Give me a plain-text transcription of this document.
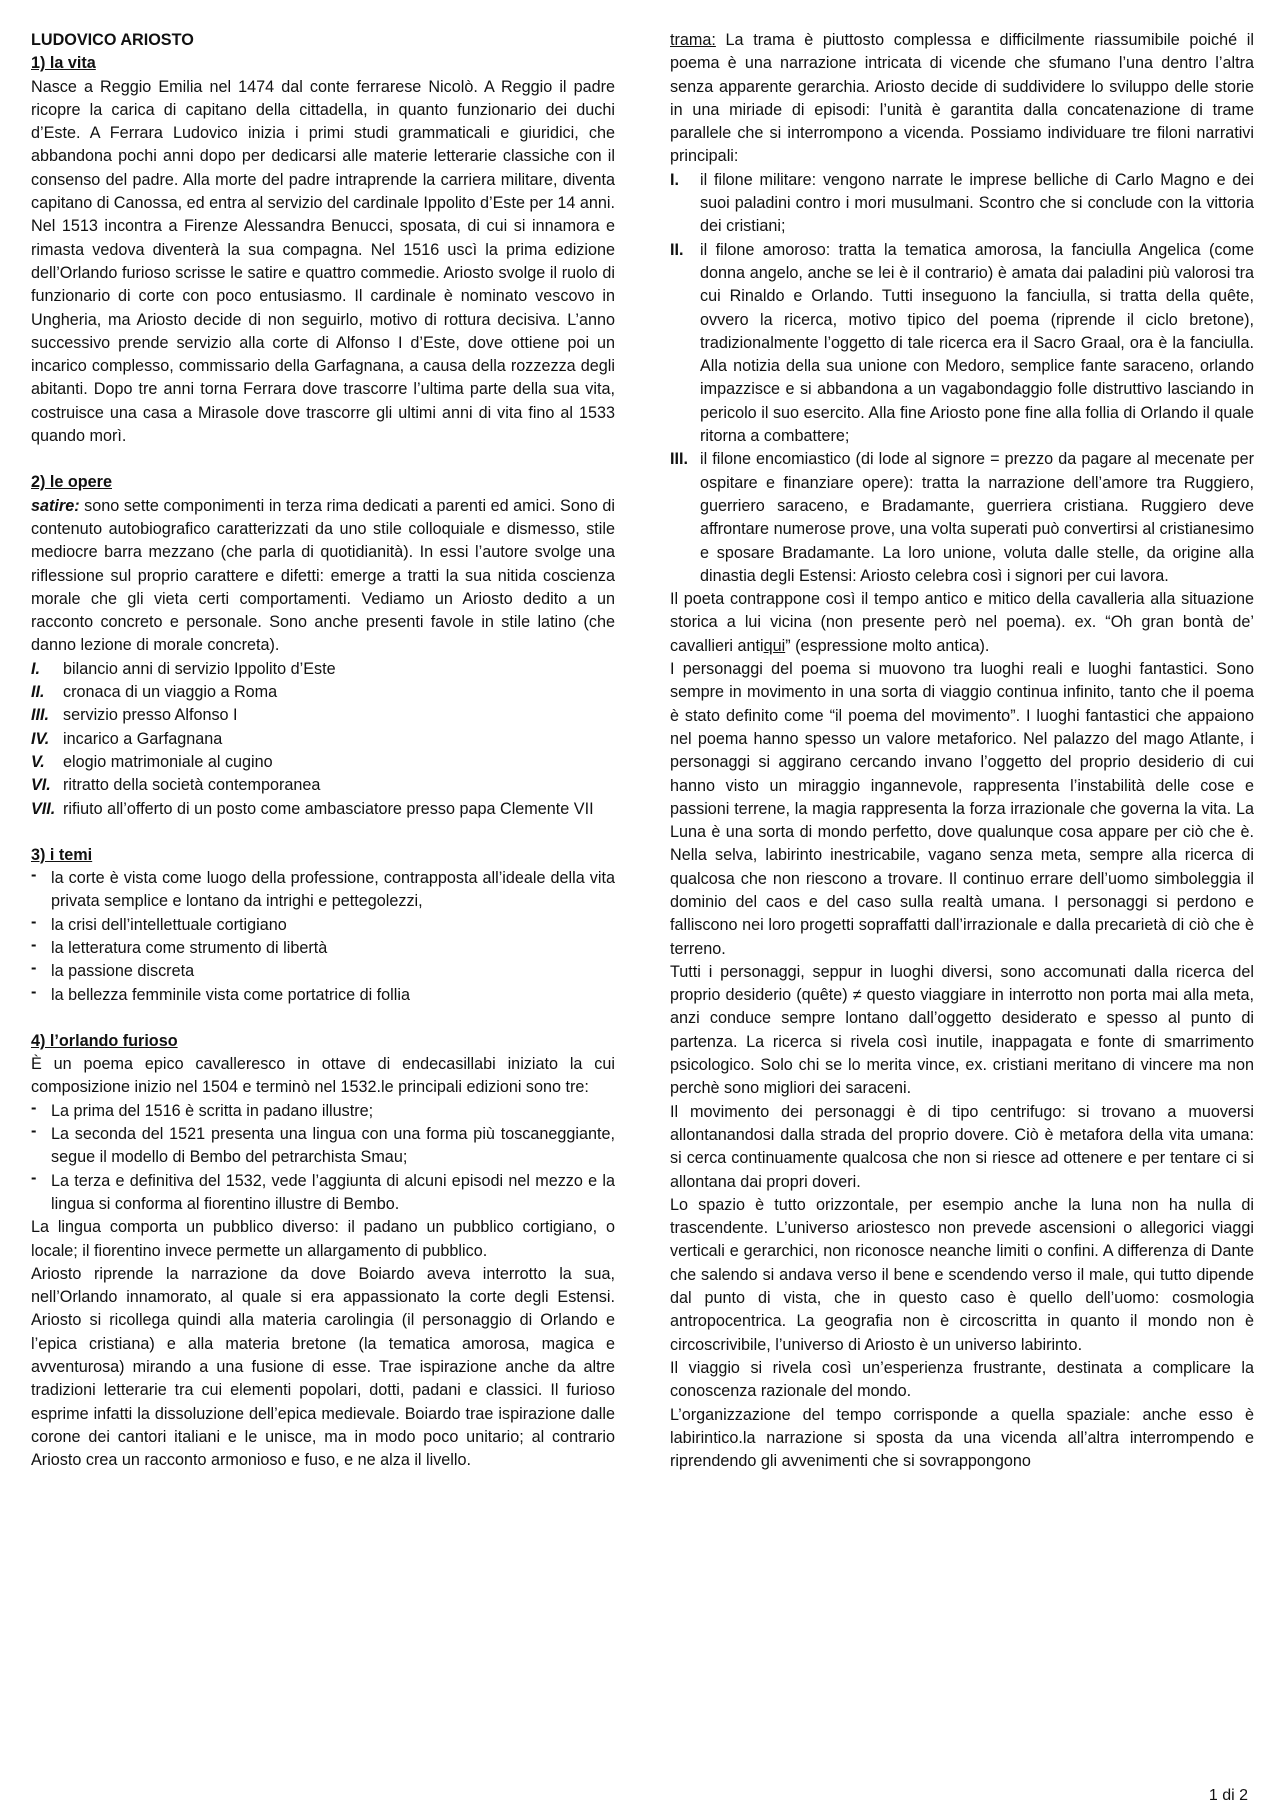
LUDOVICO ARIOSTO

1) la vita

Nasce a Reggio Emilia nel 1474 dal conte ferrarese Nicolò. A Reggio il padre ricopre la carica di capitano della cittadella, in quanto funzionario dei duchi d’Este. A Ferrara Ludovico inizia i primi studi grammaticali e giuridici, che abbandona pochi anni dopo per dedicarsi alle materie letterarie classiche con il consenso del padre. Alla morte del padre intraprende la carriera militare, diventa capitano di Canossa, ed entra al servizio del cardinale Ippolito d’Este per 14 anni. Nel 1513 incontra a Firenze Alessandra Benucci, sposata, di cui si innamora e rimasta vedova diventerà la sua compagna. Nel 1516 uscì la prima edizione dell’Orlando furioso scrisse le satire e quattro commedie. Ariosto svolge il ruolo di funzionario di corte con poco entusiasmo. Il cardinale è nominato vescovo in Ungheria, ma Ariosto decide di non seguirlo, motivo di rottura decisiva. L’anno successivo prende servizio alla corte di Alfonso I d’Este, dove ottiene poi un incarico complesso, commissario della Garfagnana, a causa della rozzezza degli abitanti. Dopo tre anni torna Ferrara dove trascorre l’ultima parte della sua vita, costruisce una casa a Mirasole dove trascorre gli ultimi anni di vita fino al 1533 quando morì.

2) le opere

satire: sono sette componimenti in terza rima dedicati a parenti ed amici. Sono di contenuto autobiografico caratterizzati da uno stile colloquiale e dismesso, stile mediocre barra mezzano (che parla di quotidianità). In essi l’autore svolge una riflessione sul proprio carattere e difetti: emerge a tratti la sua nitida coscienza morale che gli vieta certi comportamenti. Vediamo un Ariosto dedito a un racconto concreto e personale. Sono anche presenti favole in stile latino (che danno lezione di morale concreta).

I. bilancio anni di servizio Ippolito d’Este
II. cronaca di un viaggio a Roma
III. servizio presso Alfonso I
IV. incarico a Garfagnana
V. elogio matrimoniale al cugino
VI. ritratto della società contemporanea
VII. rifiuto all’offerto di un posto come ambasciatore presso papa Clemente VII

3) i temi

- la corte è vista come luogo della professione, contrapposta all’ideale della vita privata semplice e lontano da intrighi e pettegolezzi,
- la crisi dell’intellettuale cortigiano
- la letteratura come strumento di libertà
- la passione discreta
- la bellezza femminile vista come portatrice di follia

4) l’orlando furioso

È un poema epico cavalleresco in ottave di endecasillabi iniziato la cui composizione inizio nel 1504 e terminò nel 1532.le principali edizioni sono tre:

- La prima del 1516 è scritta in padano illustre;
- La seconda del 1521 presenta una lingua con una forma più toscaneggiante, segue il modello di Bembo del petrarchista Smau;
- La terza e definitiva del 1532, vede l’aggiunta di alcuni episodi nel mezzo e la lingua si conforma al fiorentino illustre di Bembo.

La lingua comporta un pubblico diverso: il padano un pubblico cortigiano, o locale; il fiorentino invece permette un allargamento di pubblico.

Ariosto riprende la narrazione da dove Boiardo aveva interrotto la sua, nell’Orlando innamorato, al quale si era appassionato la corte degli Estensi. Ariosto si ricollega quindi alla materia carolingia (il personaggio di Orlando e l’epica cristiana) e alla materia bretone (la tematica amorosa, magica e avventurosa) mirando a una fusione di esse. Trae ispirazione anche da altre tradizioni letterarie tra cui elementi popolari, dotti, padani e classici. Il furioso esprime infatti la dissoluzione dell’epica medievale. Boiardo trae ispirazione dalle corone dei cantori italiani e le unisce, ma in modo poco unitario; al contrario Ariosto crea un racconto armonioso e fuso, e ne alza il livello.

trama: La trama è piuttosto complessa e difficilmente riassumibile poiché il poema è una narrazione intricata di vicende che sfumano l’una dentro l’altra senza apparente gerarchia. Ariosto decide di suddividere lo sviluppo delle storie in una miriade di episodi: l’unità è garantita dalla concatenazione di trame parallele che si interrompono a vicenda. Possiamo individuare tre filoni narrativi principali:

I. il filone militare: vengono narrate le imprese belliche di Carlo Magno e dei suoi paladini contro i mori musulmani. Scontro che si conclude con la vittoria dei cristiani;
II. il filone amoroso: tratta la tematica amorosa, la fanciulla Angelica (come donna angelo, anche se lei è il contrario) è amata dai paladini più valorosi tra cui Rinaldo e Orlando. Tutti inseguono la fanciulla, si tratta della quête, ovvero la ricerca, motivo tipico del poema (riprende il ciclo bretone), tradizionalmente l’oggetto di tale ricerca era il Sacro Graal, ora è la fanciulla. Alla notizia della sua unione con Medoro, semplice fante saraceno, orlando impazzisce e si abbandona a un vagabondaggio folle distruttivo lasciando in pericolo il suo esercito. Alla fine Ariosto pone fine alla follia di Orlando il quale ritorna a combattere;
III. il filone encomiastico (di lode al signore = prezzo da pagare al mecenate per ospitare e finanziare opere): tratta la narrazione dell’amore tra Ruggiero, guerriero saraceno, e Bradamante, guerriera cristiana. Ruggiero deve affrontare numerose prove, una volta superati può convertirsi al cristianesimo e sposare Bradamante. La loro unione, voluta dalle stelle, da origine alla dinastia degli Estensi: Ariosto celebra così i signori per cui lavora.

Il poeta contrappone così il tempo antico e mitico della cavalleria alla situazione storica a lui vicina (non presente però nel poema). ex. “Oh gran bontà de’ cavallieri antiqui” (espressione molto antica).

I personaggi del poema si muovono tra luoghi reali e luoghi fantastici. Sono sempre in movimento in una sorta di viaggio continua infinito, tanto che il poema è stato definito come “il poema del movimento”. I luoghi fantastici che appaiono nel poema hanno spesso un valore metaforico. Nel palazzo del mago Atlante, i personaggi si aggirano cercando invano l’oggetto del proprio desiderio di cui hanno visto un miraggio ingannevole, rappresenta l’instabilità delle cose e passioni terrene, la magia rappresenta la forza irrazionale che governa la vita. La Luna è una sorta di mondo perfetto, dove qualunque cosa appare per ciò che è. Nella selva, labirinto inestricabile, vagano senza meta, sempre alla ricerca di qualcosa che non riescono a trovare. Il continuo errare dell’uomo simboleggia il dominio del caos e del caso sulla realtà umana. I personaggi si perdono e falliscono nei loro progetti sopraffatti dall’irrazionale e dalla precarietà di ciò che è terreno.

Tutti i personaggi, seppur in luoghi diversi, sono accomunati dalla ricerca del proprio desiderio (quête) ≠ questo viaggiare in interrotto non porta mai alla meta, anzi conduce sempre lontano dall’oggetto desiderato e spesso al punto di partenza. La ricerca si rivela così inutile, inappagata e fonte di smarrimento psicologico. Solo chi se lo merita vince, ex. cristiani meritano di vincere ma non perchè sono migliori dei saraceni.

Il movimento dei personaggi è di tipo centrifugo: si trovano a muoversi allontanandosi dalla strada del proprio dovere. Ciò è metafora della vita umana: si cerca continuamente qualcosa che non si riesce ad ottenere e per tentare ci si allontana dai propri doveri.

Lo spazio è tutto orizzontale, per esempio anche la luna non ha nulla di trascendente. L’universo ariostesco non prevede ascensioni o allegorici viaggi verticali e gerarchici, non riconosce neanche limiti o confini. A differenza di Dante che salendo si andava verso il bene e scendendo verso il male, qui tutto dipende dal punto di vista, che in questo caso è quello dell’uomo: cosmologia antropocentrica. La geografia non è circoscritta in quanto il mondo non è circoscrivibile, l’universo di Ariosto è un universo labirinto.

Il viaggio si rivela così un’esperienza frustrante, destinata a complicare la conoscenza razionale del mondo.

L’organizzazione del tempo corrisponde a quella spaziale: anche esso è labirintico.la narrazione si sposta da una vicenda all’altra interrompendo e riprendendo gli avvenimenti che si sovrappongono

1 di 2
